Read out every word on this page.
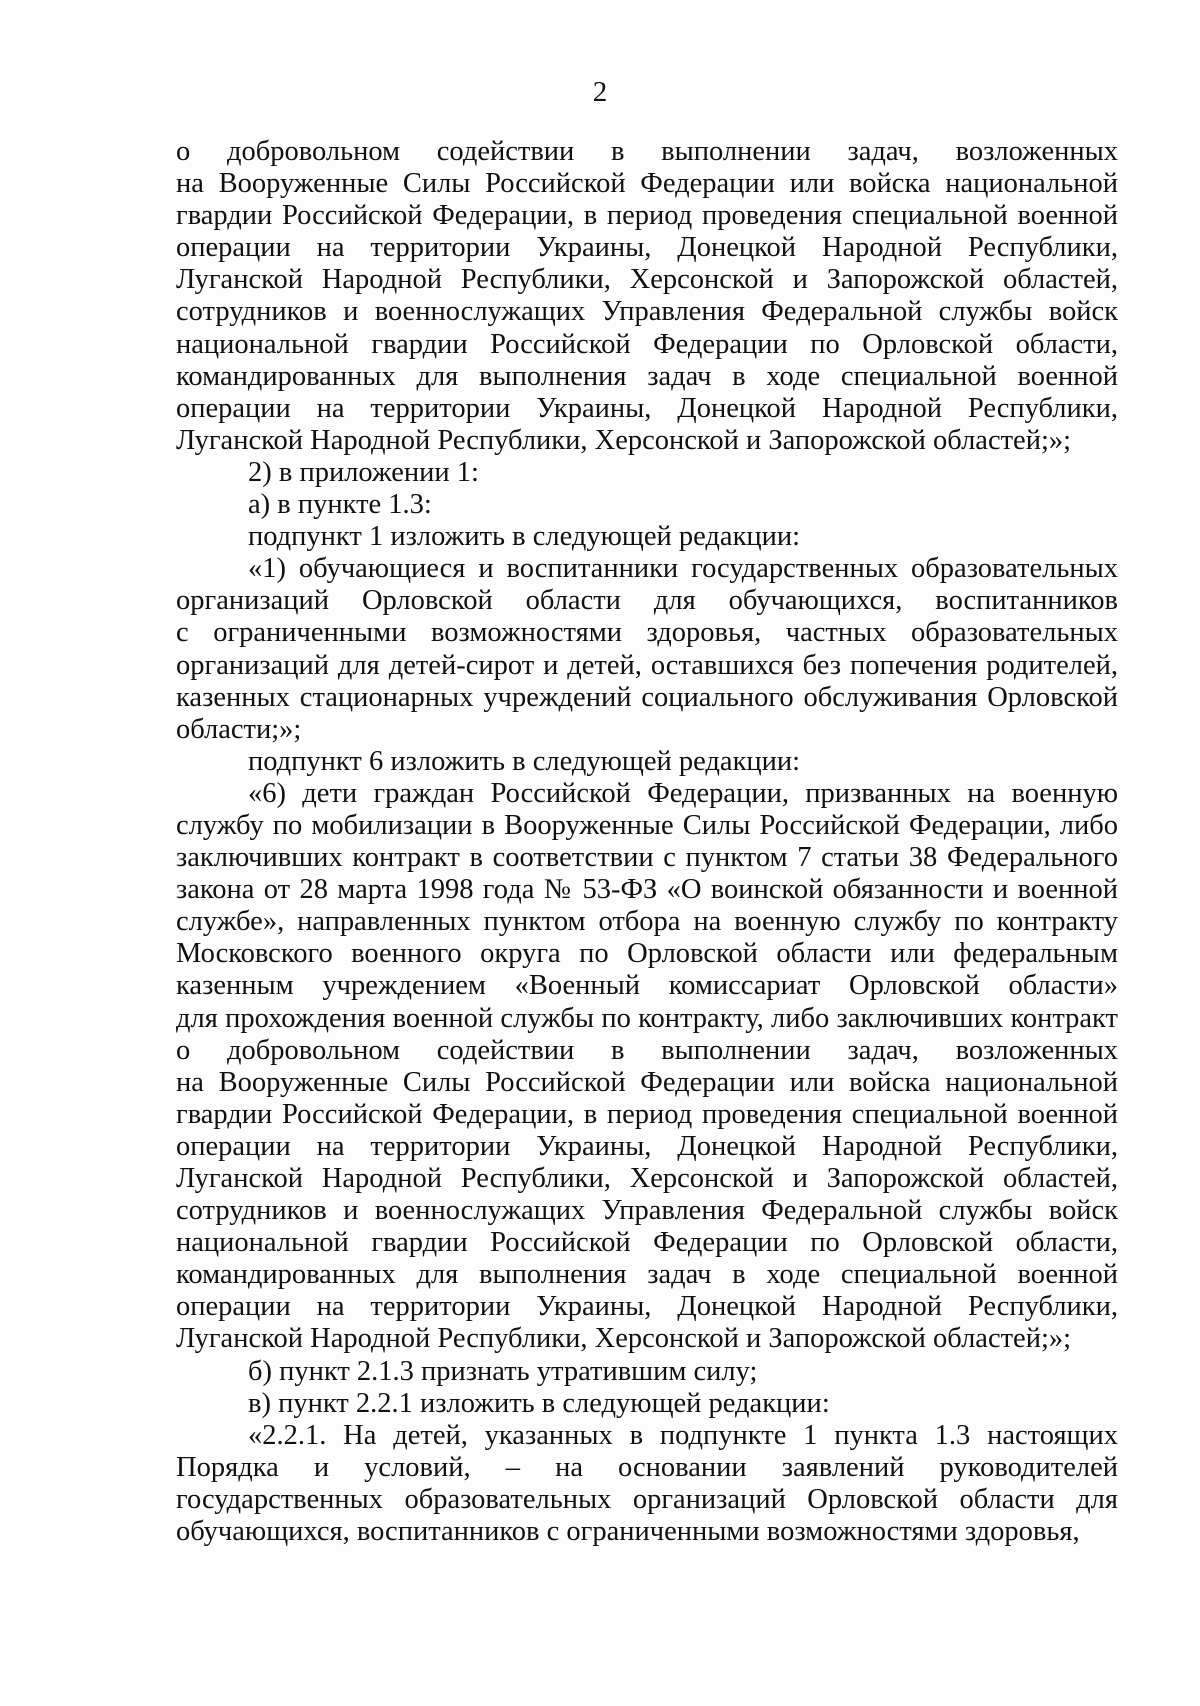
2
о добровольном содействии в выполнении задач, возложенных
на Вооруженные Силы Российской Федерации или войска национальной
гвардии Российской Федерации, в период проведения специальной военной
операции на территории Украины, Донецкой Народной Республики,
Луганской Народной Республики, Херсонской и Запорожской областей,
сотрудников и военнослужащих Управления Федеральной службы войск
национальной гвардии Российской Федерации по Орловской области,
командированных для выполнения задач в ходе специальной военной
операции на территории Украины, Донецкой Народной Республики,
Луганской Народной Республики, Херсонской и Запорожской областей;»;
2) в приложении 1:
а) в пункте 1.3:
подпункт 1 изложить в следующей редакции:
«1) обучающиеся и воспитанники государственных образовательных
организаций Орловской области для обучающихся, воспитанников
с ограниченными возможностями здоровья, частных образовательных
организаций для детей-сирот и детей, оставшихся без попечения родителей,
казенных стационарных учреждений социального обслуживания Орловской
области;»;
подпункт 6 изложить в следующей редакции:
«6) дети граждан Российской Федерации, призванных на военную
службу по мобилизации в Вооруженные Силы Российской Федерации, либо
заключивших контракт в соответствии с пунктом 7 статьи 38 Федерального
закона от 28 марта 1998 года № 53-ФЗ «О воинской обязанности и военной
службе», направленных пунктом отбора на военную службу по контракту
Московского военного округа по Орловской области или федеральным
казенным учреждением «Военный комиссариат Орловской области»
для прохождения военной службы по контракту, либо заключивших контракт
о добровольном содействии в выполнении задач, возложенных
на Вооруженные Силы Российской Федерации или войска национальной
гвардии Российской Федерации, в период проведения специальной военной
операции на территории Украины, Донецкой Народной Республики,
Луганской Народной Республики, Херсонской и Запорожской областей,
сотрудников и военнослужащих Управления Федеральной службы войск
национальной гвардии Российской Федерации по Орловской области,
командированных для выполнения задач в ходе специальной военной
операции на территории Украины, Донецкой Народной Республики,
Луганской Народной Республики, Херсонской и Запорожской областей;»;
б) пункт 2.1.3 признать утратившим силу;
в) пункт 2.2.1 изложить в следующей редакции:
«2.2.1. На детей, указанных в подпункте 1 пункта 1.3 настоящих
Порядка и условий, – на основании заявлений руководителей
государственных образовательных организаций Орловской области для
обучающихся, воспитанников с ограниченными возможностями здоровья,
